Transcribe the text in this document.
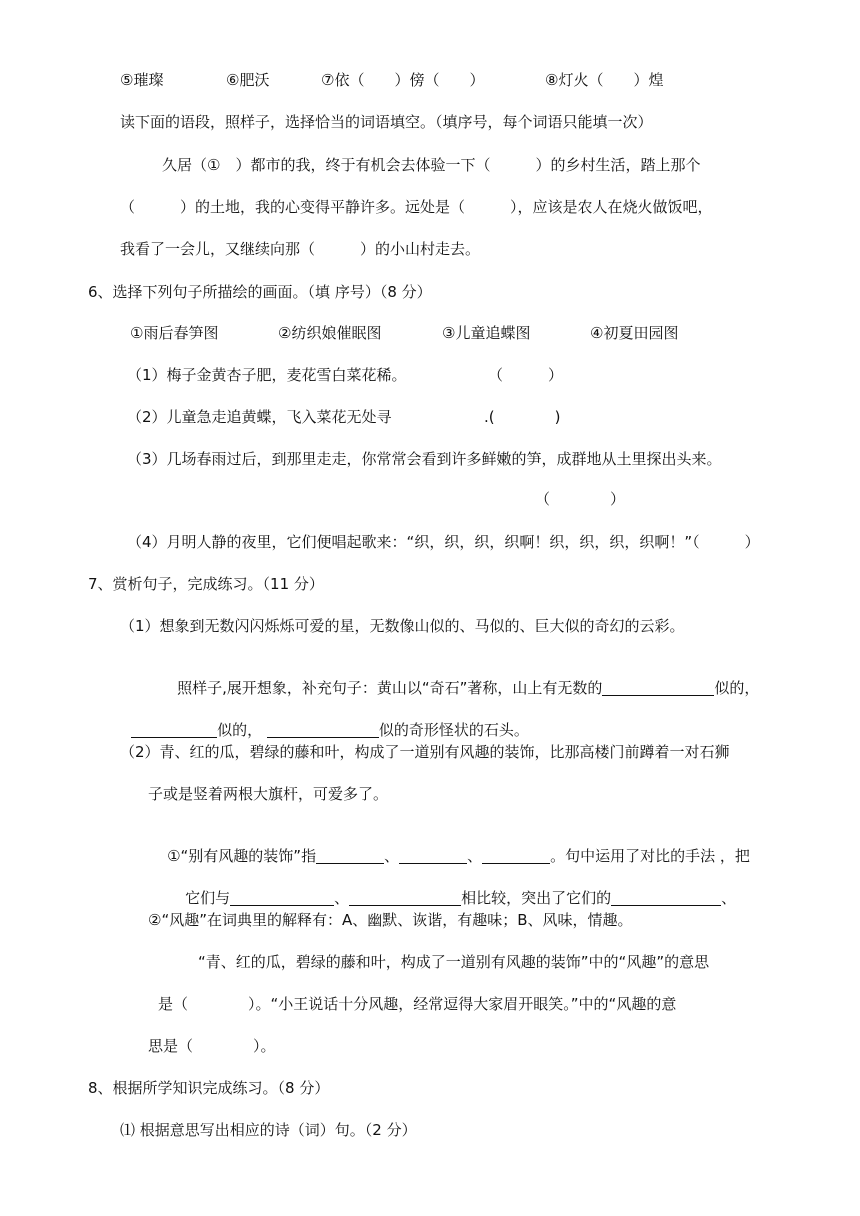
⑤璀璨	⑥肥沃	⑦依（　　）傍（　　）	⑧灯火（　　）煌
读下面的语段，照样子，选择恰当的词语填空。（填序号，每个词语只能填一次）
久居（①　）都市的我，终于有机会去体验一下（　　　）的乡村生活，踏上那个
（　　　）的土地，我的心变得平静许多。远处是（　　　），应该是农人在烧火做饭吧，
我看了一会儿，又继续向那（　　　）的小山村走去。
6、选择下列句子所描绘的画面。（填 序号）（8 分）
①雨后春笋图	②纺织娘催眠图	③儿童追蝶图	④初夏田园图
（1）梅子金黄杏子肥，麦花雪白菜花稀。	（　　　）
（2）儿童急走追黄蝶，飞入菜花无处寻	.(　　　　)
（3）几场春雨过后，到那里走走，你常常会看到许多鲜嫩的笋，成群地从土里探出头来。
（　　　　）
（4）月明人静的夜里，它们便唱起歌来：“织，织，织，织啊！织，织，织，织啊！”（　　　）
7、赏析句子，完成练习。（11 分）
（1）想象到无数闪闪烁烁可爱的星，无数像山似的、马似的、巨大似的奇幻的云彩。

照样子,展开想象，补充句子：黄山以“奇石”著称，山上有无数的	似的，

似的，	似的奇形怪状的石头。

（2）青、红的瓜，碧绿的藤和叶，构成了一道别有风趣的装饰，比那高楼门前蹲着一对石狮
子或是竖着两根大旗杆，可爱多了。

①“别有风趣的装饰”指	、	、	。句中运用了对比的手法 ，把

它们与	、	相比较，突出了它们的	、

②“风趣”在词典里的解释有：A、幽默、诙谐，有趣味；B、风味，情趣。
“青、红的瓜，碧绿的藤和叶，构成了一道别有风趣的装饰”中的“风趣”的意思
是（　　　　）。“小王说话十分风趣，经常逗得大家眉开眼笑。”中的“风趣的意
思是（　　　　）。
8、根据所学知识完成练习。（8 分）
⑴ 根据意思写出相应的诗（词）句。（2 分）
